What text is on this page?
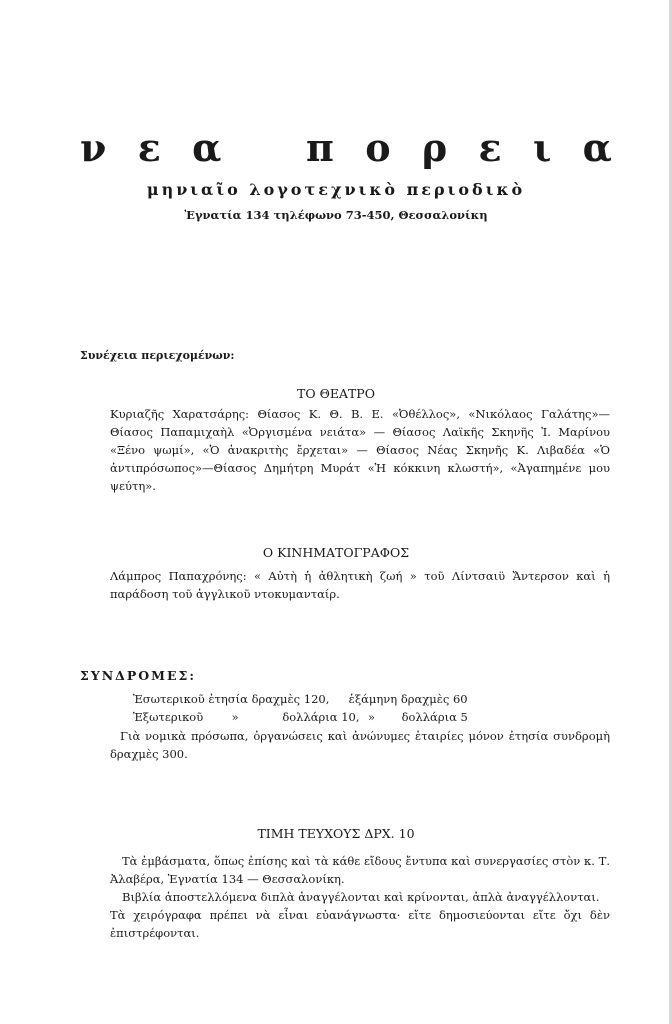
ν ε α π ο ρ ε ι α
μηνιαῖο λογοτεχνικὸ περιοδικὸ
Ἐγνατία 134 τηλέφωνο 73-450, Θεσσαλονίκη
Συνέχεια περιεχομένων:
ΤΟ ΘΕΑΤΡΟ
Κυριαζῆς Χαρατσάρης: Θίασος Κ. Θ. Β. Ε. «Ὀθέλλος», «Νικόλαος Γαλάτης»— Θίασος Παπαμιχαὴλ «Ὀργισμένα νειάτα» — Θίασος Λαϊκῆς Σκηνῆς Ἰ. Μαρίνου «Ξένο ψωμί», «Ὁ ἀνακριτὴς ἔρχεται» — Θίασος Νέας Σκηνῆς Κ. Λιβαδέα «Ὁ ἀντιπρόσωπος»—Θίασος Δημήτρη Μυράτ «Ἡ κόκκινη κλωστή», «Ἀγαπημένε μου ψεύτη».
Ο ΚΙΝΗΜΑΤΟΓΡΑΦΟΣ
Λάμπρος Παπαχρόνης: « Αὐτὴ ἡ ἀθλητικὴ ζωή » τοῦ Λίντσαιϋ Ἄντερσον καὶ ἡ παράδοση τοῦ ἀγγλικοῦ ντοκυμανταίρ.
ΣΥΝΔΡΟΜΕΣ:
Ἐσωτερικοῦ ἐτησία δραχμὲς 120, ἑξάμηνη δραχμὲς 60
Ἐξωτερικοῦ »	δολλάρια 10, » δολλάρια 5
Γιὰ νομικὰ πρόσωπα, ὀργανώσεις καὶ ἀνώνυμες ἑταιρίες μόνον ἐτησία συνδρομὴ δραχμὲς 300.
ΤΙΜΗ ΤΕΥΧΟΥΣ ΔΡΧ. 10
Τὰ ἐμβάσματα, ὅπως ἐπίσης καὶ τὰ κάθε εἴδους ἔντυπα καὶ συνεργασίες στὸν κ. Τ. Ἀλαβέρα, Ἐγνατία 134 — Θεσσαλονίκη.
Βιβλία ἀποστελλόμενα διπλὰ ἀναγγέλονται καὶ κρίνονται, ἁπλὰ ἀναγγέλλονται.
Τὰ χειρόγραφα πρέπει νὰ εἶναι εὐανάγνωστα· εἴτε δημοσιεύονται εἴτε ὄχι δὲν ἐπιστρέφονται.
